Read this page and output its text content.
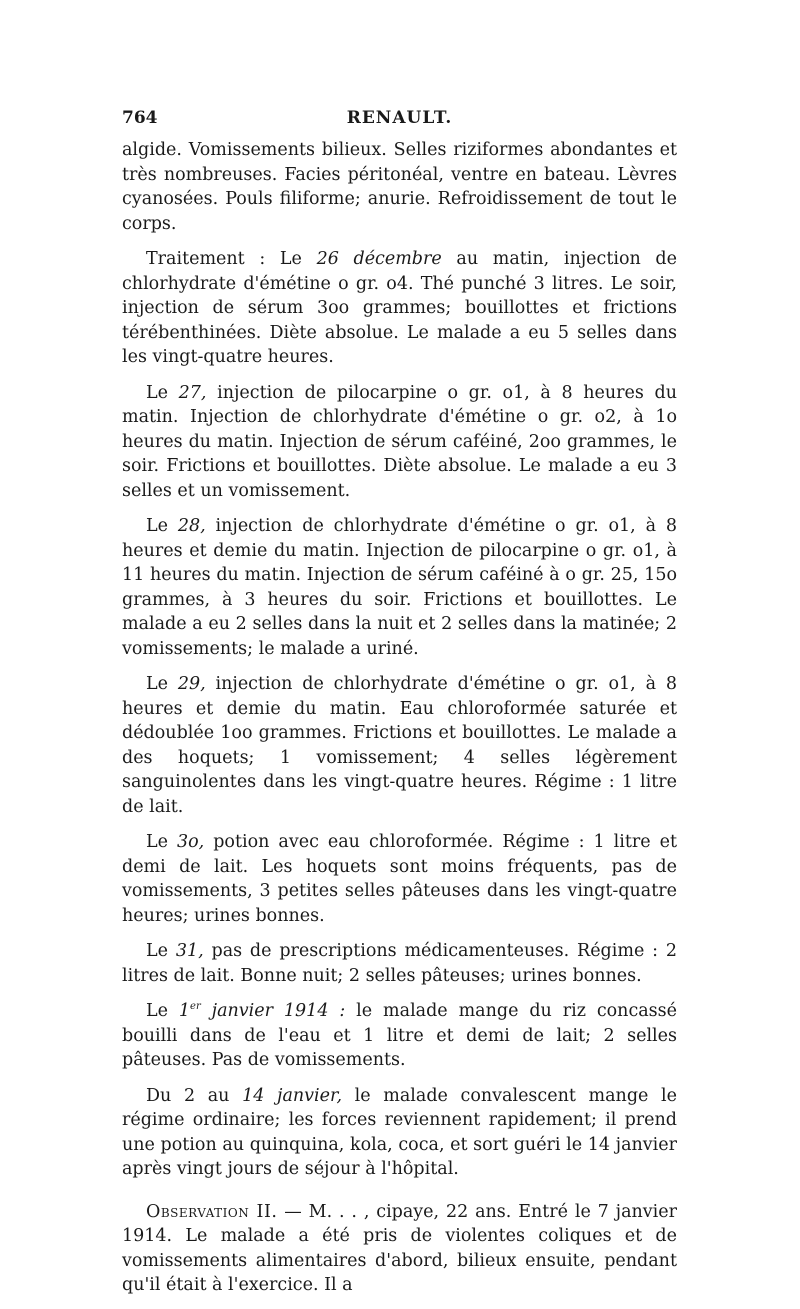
764	RENAULT.

algide. Vomissements bilieux. Selles riziformes abondantes et très nombreuses. Facies péritonéal, ventre en bateau. Lèvres cyanosées. Pouls filiforme; anurie. Refroidissement de tout le corps.

Traitement : Le 26 décembre au matin, injection de chlorhydrate d'émétine o gr. o4. Thé punché 3 litres. Le soir, injection de sérum 3oo grammes; bouillottes et frictions térébenthinées. Diète absolue. Le malade a eu 5 selles dans les vingt-quatre heures.

Le 27, injection de pilocarpine o gr. o1, à 8 heures du matin. Injection de chlorhydrate d'émétine o gr. o2, à 1o heures du matin. Injection de sérum caféiné, 2oo grammes, le soir. Frictions et bouillottes. Diète absolue. Le malade a eu 3 selles et un vomissement.

Le 28, injection de chlorhydrate d'émétine o gr. o1, à 8 heures et demie du matin. Injection de pilocarpine o gr. o1, à 11 heures du matin. Injection de sérum caféiné à o gr. 25, 15o grammes, à 3 heures du soir. Frictions et bouillottes. Le malade a eu 2 selles dans la nuit et 2 selles dans la matinée; 2 vomissements; le malade a uriné.

Le 29, injection de chlorhydrate d'émétine o gr. o1, à 8 heures et demie du matin. Eau chloroformée saturée et dédoublée 1oo grammes. Frictions et bouillottes. Le malade a des hoquets; 1 vomissement; 4 selles légèrement sanguinolentes dans les vingt-quatre heures. Régime : 1 litre de lait.

Le 3o, potion avec eau chloroformée. Régime : 1 litre et demi de lait. Les hoquets sont moins fréquents, pas de vomissements, 3 petites selles pâteuses dans les vingt-quatre heures; urines bonnes.

Le 31, pas de prescriptions médicamenteuses. Régime : 2 litres de lait. Bonne nuit; 2 selles pâteuses; urines bonnes.

Le 1er janvier 1914 : le malade mange du riz concassé bouilli dans de l'eau et 1 litre et demi de lait; 2 selles pâteuses. Pas de vomissements.

Du 2 au 14 janvier, le malade convalescent mange le régime ordinaire; les forces reviennent rapidement; il prend une potion au quinquina, kola, coca, et sort guéri le 14 janvier après vingt jours de séjour à l'hôpital.

Observation II. — M. . . , cipaye, 22 ans. Entré le 7 janvier 1914. Le malade a été pris de violentes coliques et de vomissements alimentaires d'abord, bilieux ensuite, pendant qu'il était à l'exercice. Il a
